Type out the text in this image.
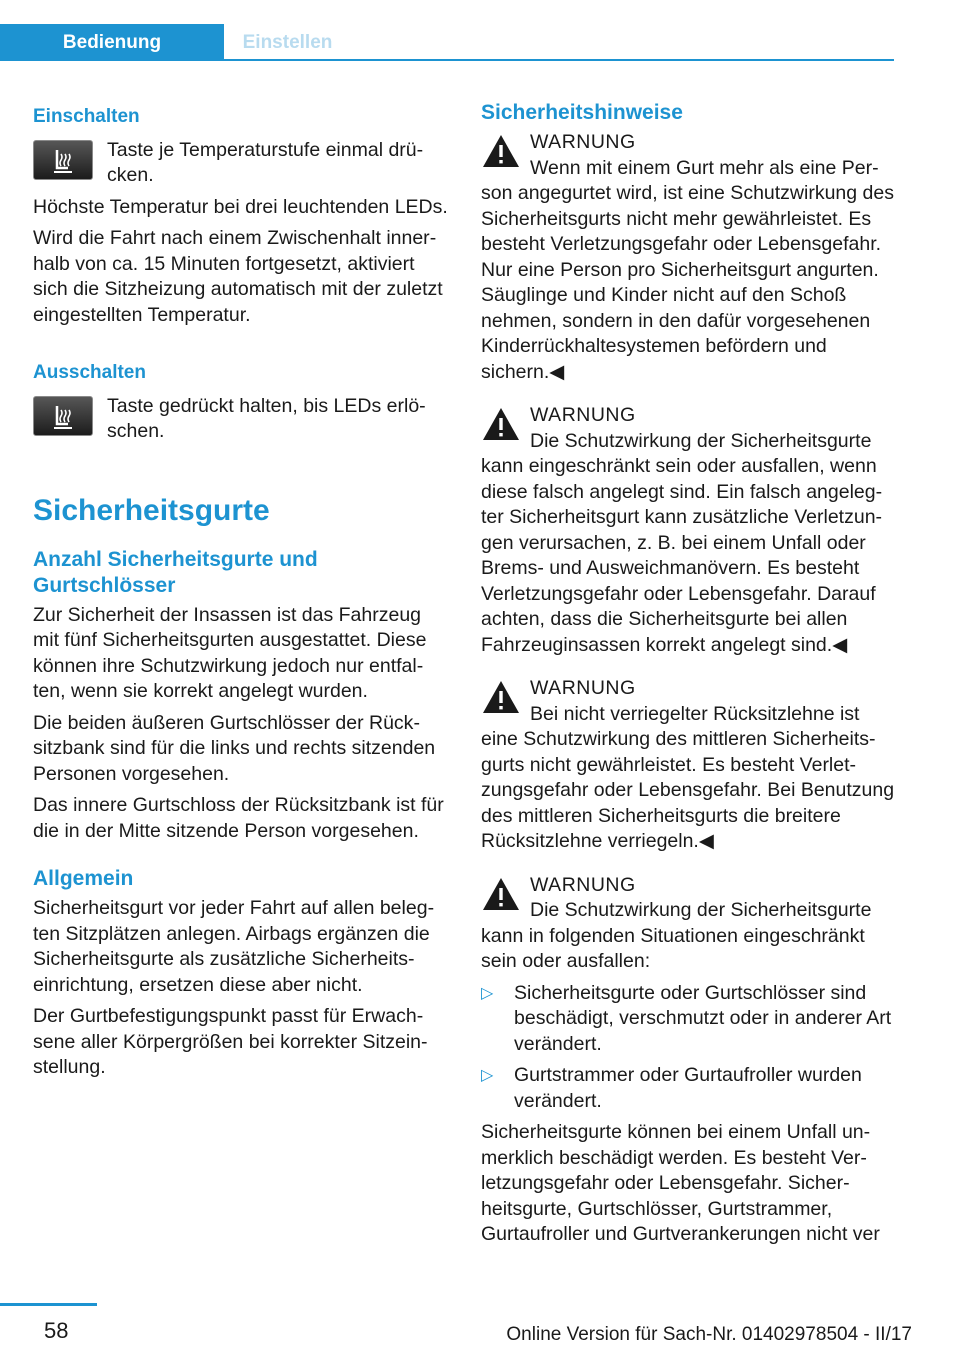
Bedienung	Einstellen
Einschalten
Taste je Temperaturstufe einmal drücken.

Höchste Temperatur bei drei leuchtenden LEDs.

Wird die Fahrt nach einem Zwischenhalt innerhalb von ca. 15 Minuten fortgesetzt, aktiviert sich die Sitzheizung automatisch mit der zuletzt eingestellten Temperatur.

Ausschalten
Taste gedrückt halten, bis LEDs erlöschen.
Sicherheitsgurte
Anzahl Sicherheitsgurte und Gurtschlösser

Zur Sicherheit der Insassen ist das Fahrzeug mit fünf Sicherheitsgurten ausgestattet. Diese können ihre Schutzwirkung jedoch nur entfalten, wenn sie korrekt angelegt wurden.

Die beiden äußeren Gurtschlösser der Rücksitzbank sind für die links und rechts sitzenden Personen vorgesehen.

Das innere Gurtschloss der Rücksitzbank ist für die in der Mitte sitzende Person vorgesehen.

Allgemein

Sicherheitsgurt vor jeder Fahrt auf allen belegten Sitzplätzen anlegen. Airbags ergänzen die Sicherheitsgurte als zusätzliche Sicherheitseinrichtung, ersetzen diese aber nicht.

Der Gurtbefestigungspunkt passt für Erwachsene aller Körpergrößen bei korrekter Sitzeinstellung.

Sicherheitshinweise
WARNUNG
Wenn mit einem Gurt mehr als eine Person angegurtet wird, ist eine Schutzwirkung des Sicherheitsgurts nicht mehr gewährleistet. Es besteht Verletzungsgefahr oder Lebensgefahr. Nur eine Person pro Sicherheitsgurt angurten. Säuglinge und Kinder nicht auf den Schoß nehmen, sondern in den dafür vorgesehenen Kinderrückhaltesystemen befördern und sichern.◀
WARNUNG
Die Schutzwirkung der Sicherheitsgurte kann eingeschränkt sein oder ausfallen, wenn diese falsch angelegt sind. Ein falsch angelegter Sicherheitsgurt kann zusätzliche Verletzungen verursachen, z. B. bei einem Unfall oder Brems- und Ausweichmanövern. Es besteht Verletzungsgefahr oder Lebensgefahr. Darauf achten, dass die Sicherheitsgurte bei allen Fahrzeuginsassen korrekt angelegt sind.◀
WARNUNG
Bei nicht verriegelter Rücksitzlehne ist eine Schutzwirkung des mittleren Sicherheitsgurts nicht gewährleistet. Es besteht Verletzungsgefahr oder Lebensgefahr. Bei Benutzung des mittleren Sicherheitsgurts die breitere Rücksitzlehne verriegeln.◀
WARNUNG
Die Schutzwirkung der Sicherheitsgurte kann in folgenden Situationen eingeschränkt sein oder ausfallen:
▷ Sicherheitsgurte oder Gurtschlösser sind beschädigt, verschmutzt oder in anderer Art verändert.
▷ Gurtstrammer oder Gurtaufroller wurden verändert.

Sicherheitsgurte können bei einem Unfall unmerklich beschädigt werden. Es besteht Verletzungsgefahr oder Lebensgefahr. Sicherheitsgurte, Gurtschlösser, Gurtstrammer, Gurtaufroller und Gurtverankerungen nicht ver

58	Online Version für Sach-Nr. 01402978504 - II/17
